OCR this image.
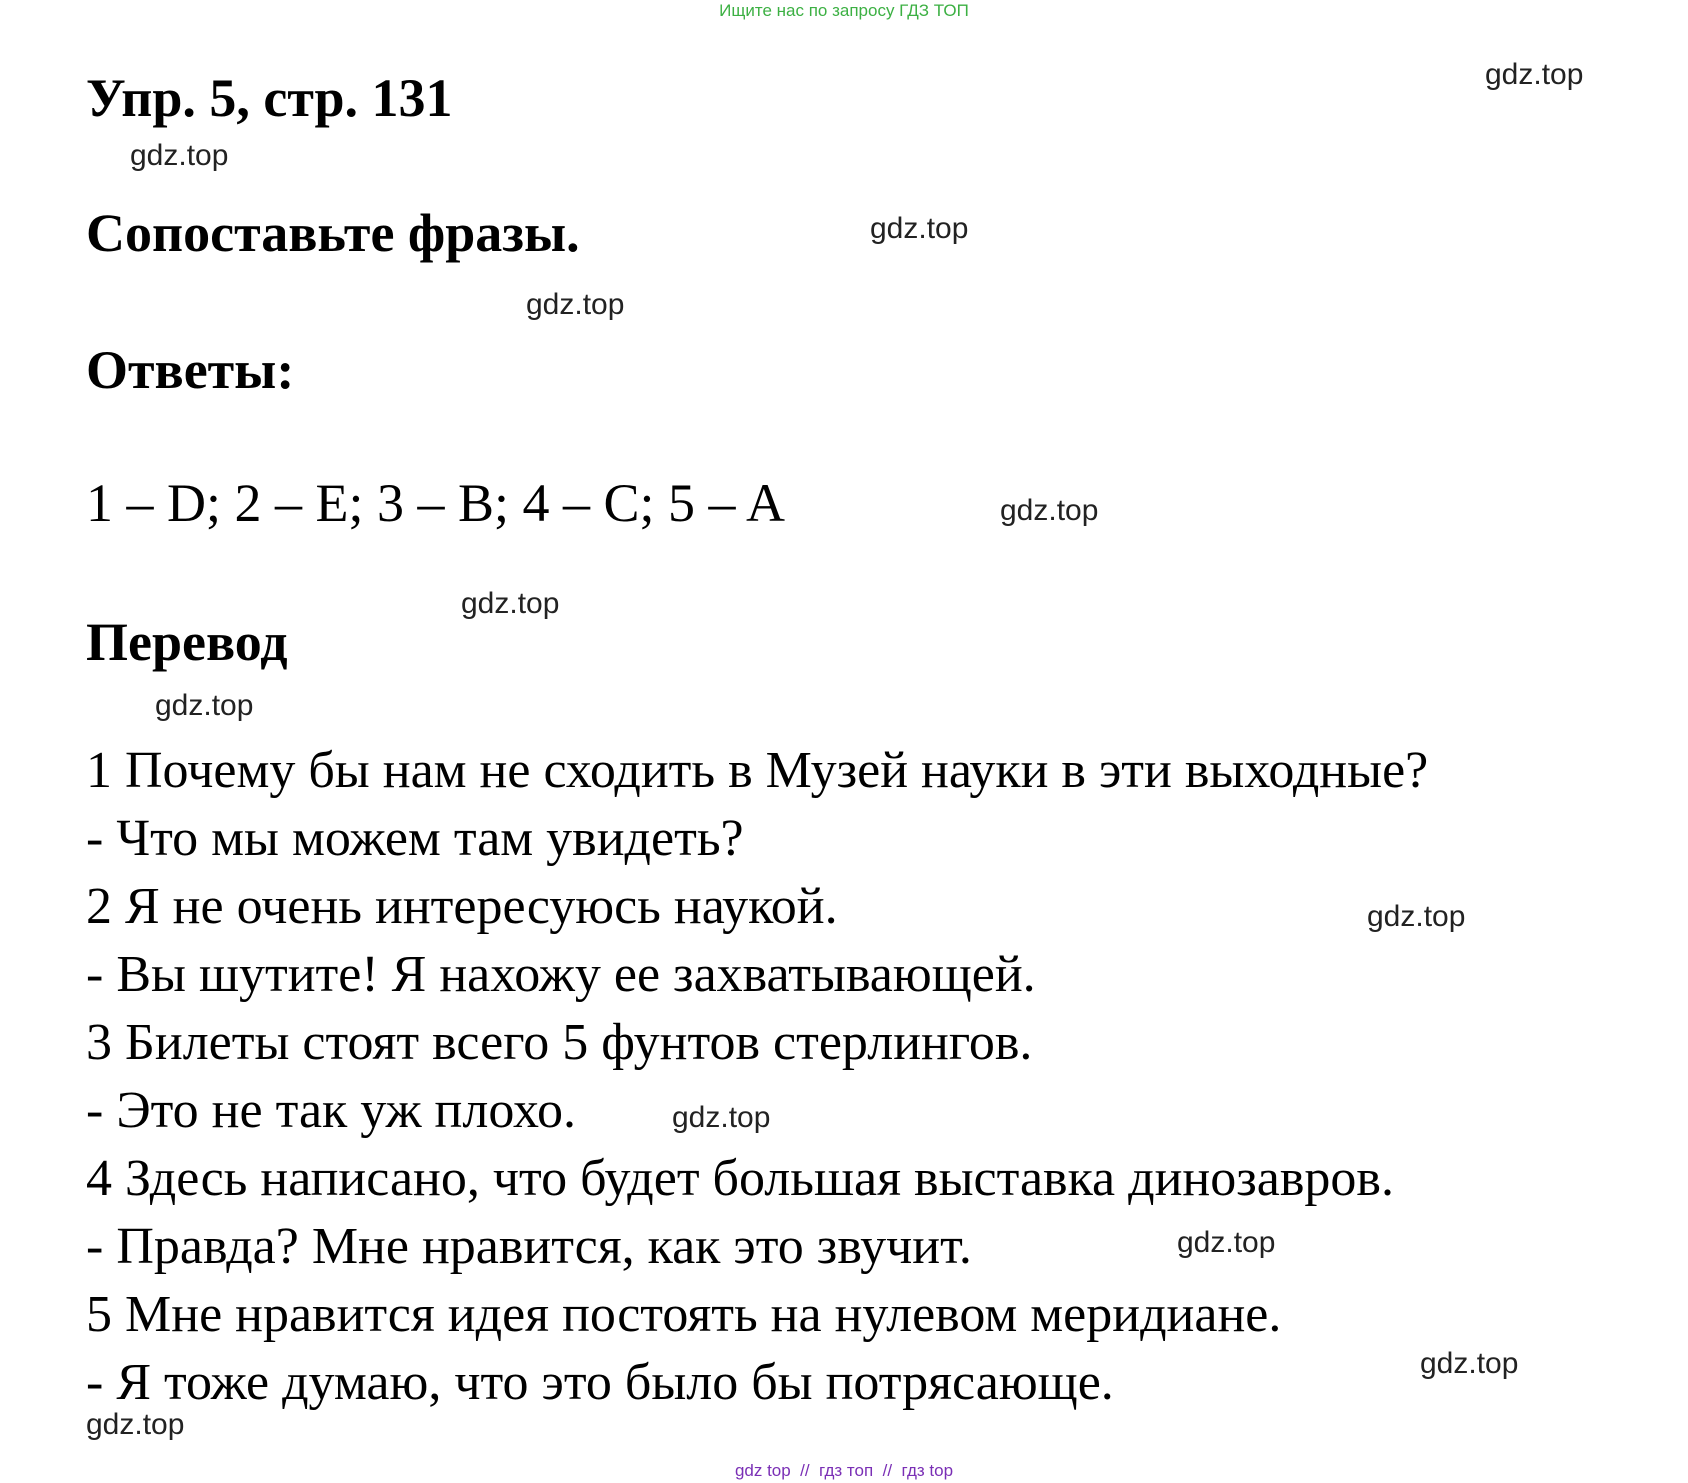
Ищите нас по запросу ГДЗ ТОП
Упр. 5, стр. 131
Сопоставьте фразы.
Ответы:
1 – D; 2 – E; 3 – B; 4 – C; 5 – A
Перевод
1 Почему бы нам не сходить в Музей науки в эти выходные?
- Что мы можем там увидеть?
2 Я не очень интересуюсь наукой.
- Вы шутите! Я нахожу ее захватывающей.
3 Билеты стоят всего 5 фунтов стерлингов.
- Это не так уж плохо.
4 Здесь написано, что будет большая выставка динозавров.
- Правда? Мне нравится, как это звучит.
5 Мне нравится идея постоять на нулевом меридиане.
- Я тоже думаю, что это было бы потрясающе.
gdz.top
gdz.top
gdz.top
gdz.top
gdz.top
gdz.top
gdz.top
gdz.top
gdz.top
gdz.top
gdz.top
gdz.top
gdz top  //  гдз топ  //  гдз top
